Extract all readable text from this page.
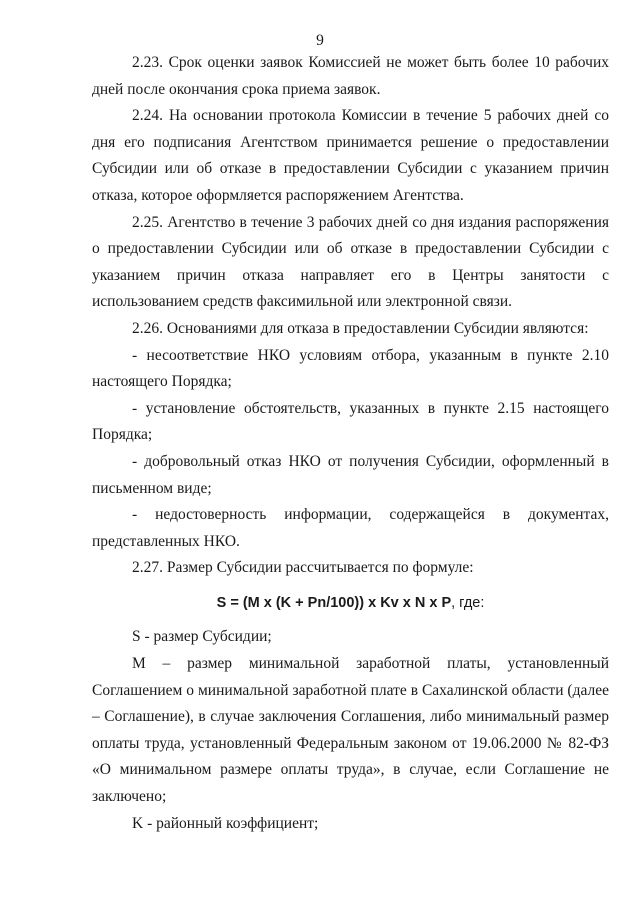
9

2.23. Срок оценки заявок Комиссией не может быть более 10 рабочих дней после окончания срока приема заявок.

2.24. На основании протокола Комиссии в течение 5 рабочих дней со дня его подписания Агентством принимается решение о предоставлении Субсидии или об отказе в предоставлении Субсидии с указанием причин отказа, которое оформляется распоряжением Агентства.

2.25. Агентство в течение 3 рабочих дней со дня издания распоряжения о предоставлении Субсидии или об отказе в предоставлении Субсидии с указанием причин отказа направляет его в Центры занятости с использованием средств факсимильной или электронной связи.

2.26. Основаниями для отказа в предоставлении Субсидии являются:

- несоответствие НКО условиям отбора, указанным в пункте 2.10 настоящего Порядка;

- установление обстоятельств, указанных в пункте 2.15 настоящего Порядка;

- добровольный отказ НКО от получения Субсидии, оформленный в письменном виде;

- недостоверность информации, содержащейся в документах, представленных НКО.

2.27. Размер Субсидии рассчитывается по формуле:

S = (M x (K + Pn/100)) x Kv x N x P, где:

S - размер Субсидии;

M – размер минимальной заработной платы, установленный Соглашением о минимальной заработной плате в Сахалинской области (далее – Соглашение), в случае заключения Соглашения, либо минимальный размер оплаты труда, установленный Федеральным законом от 19.06.2000 № 82-ФЗ «О минимальном размере оплаты труда», в случае, если Соглашение не заключено;

K - районный коэффициент;
